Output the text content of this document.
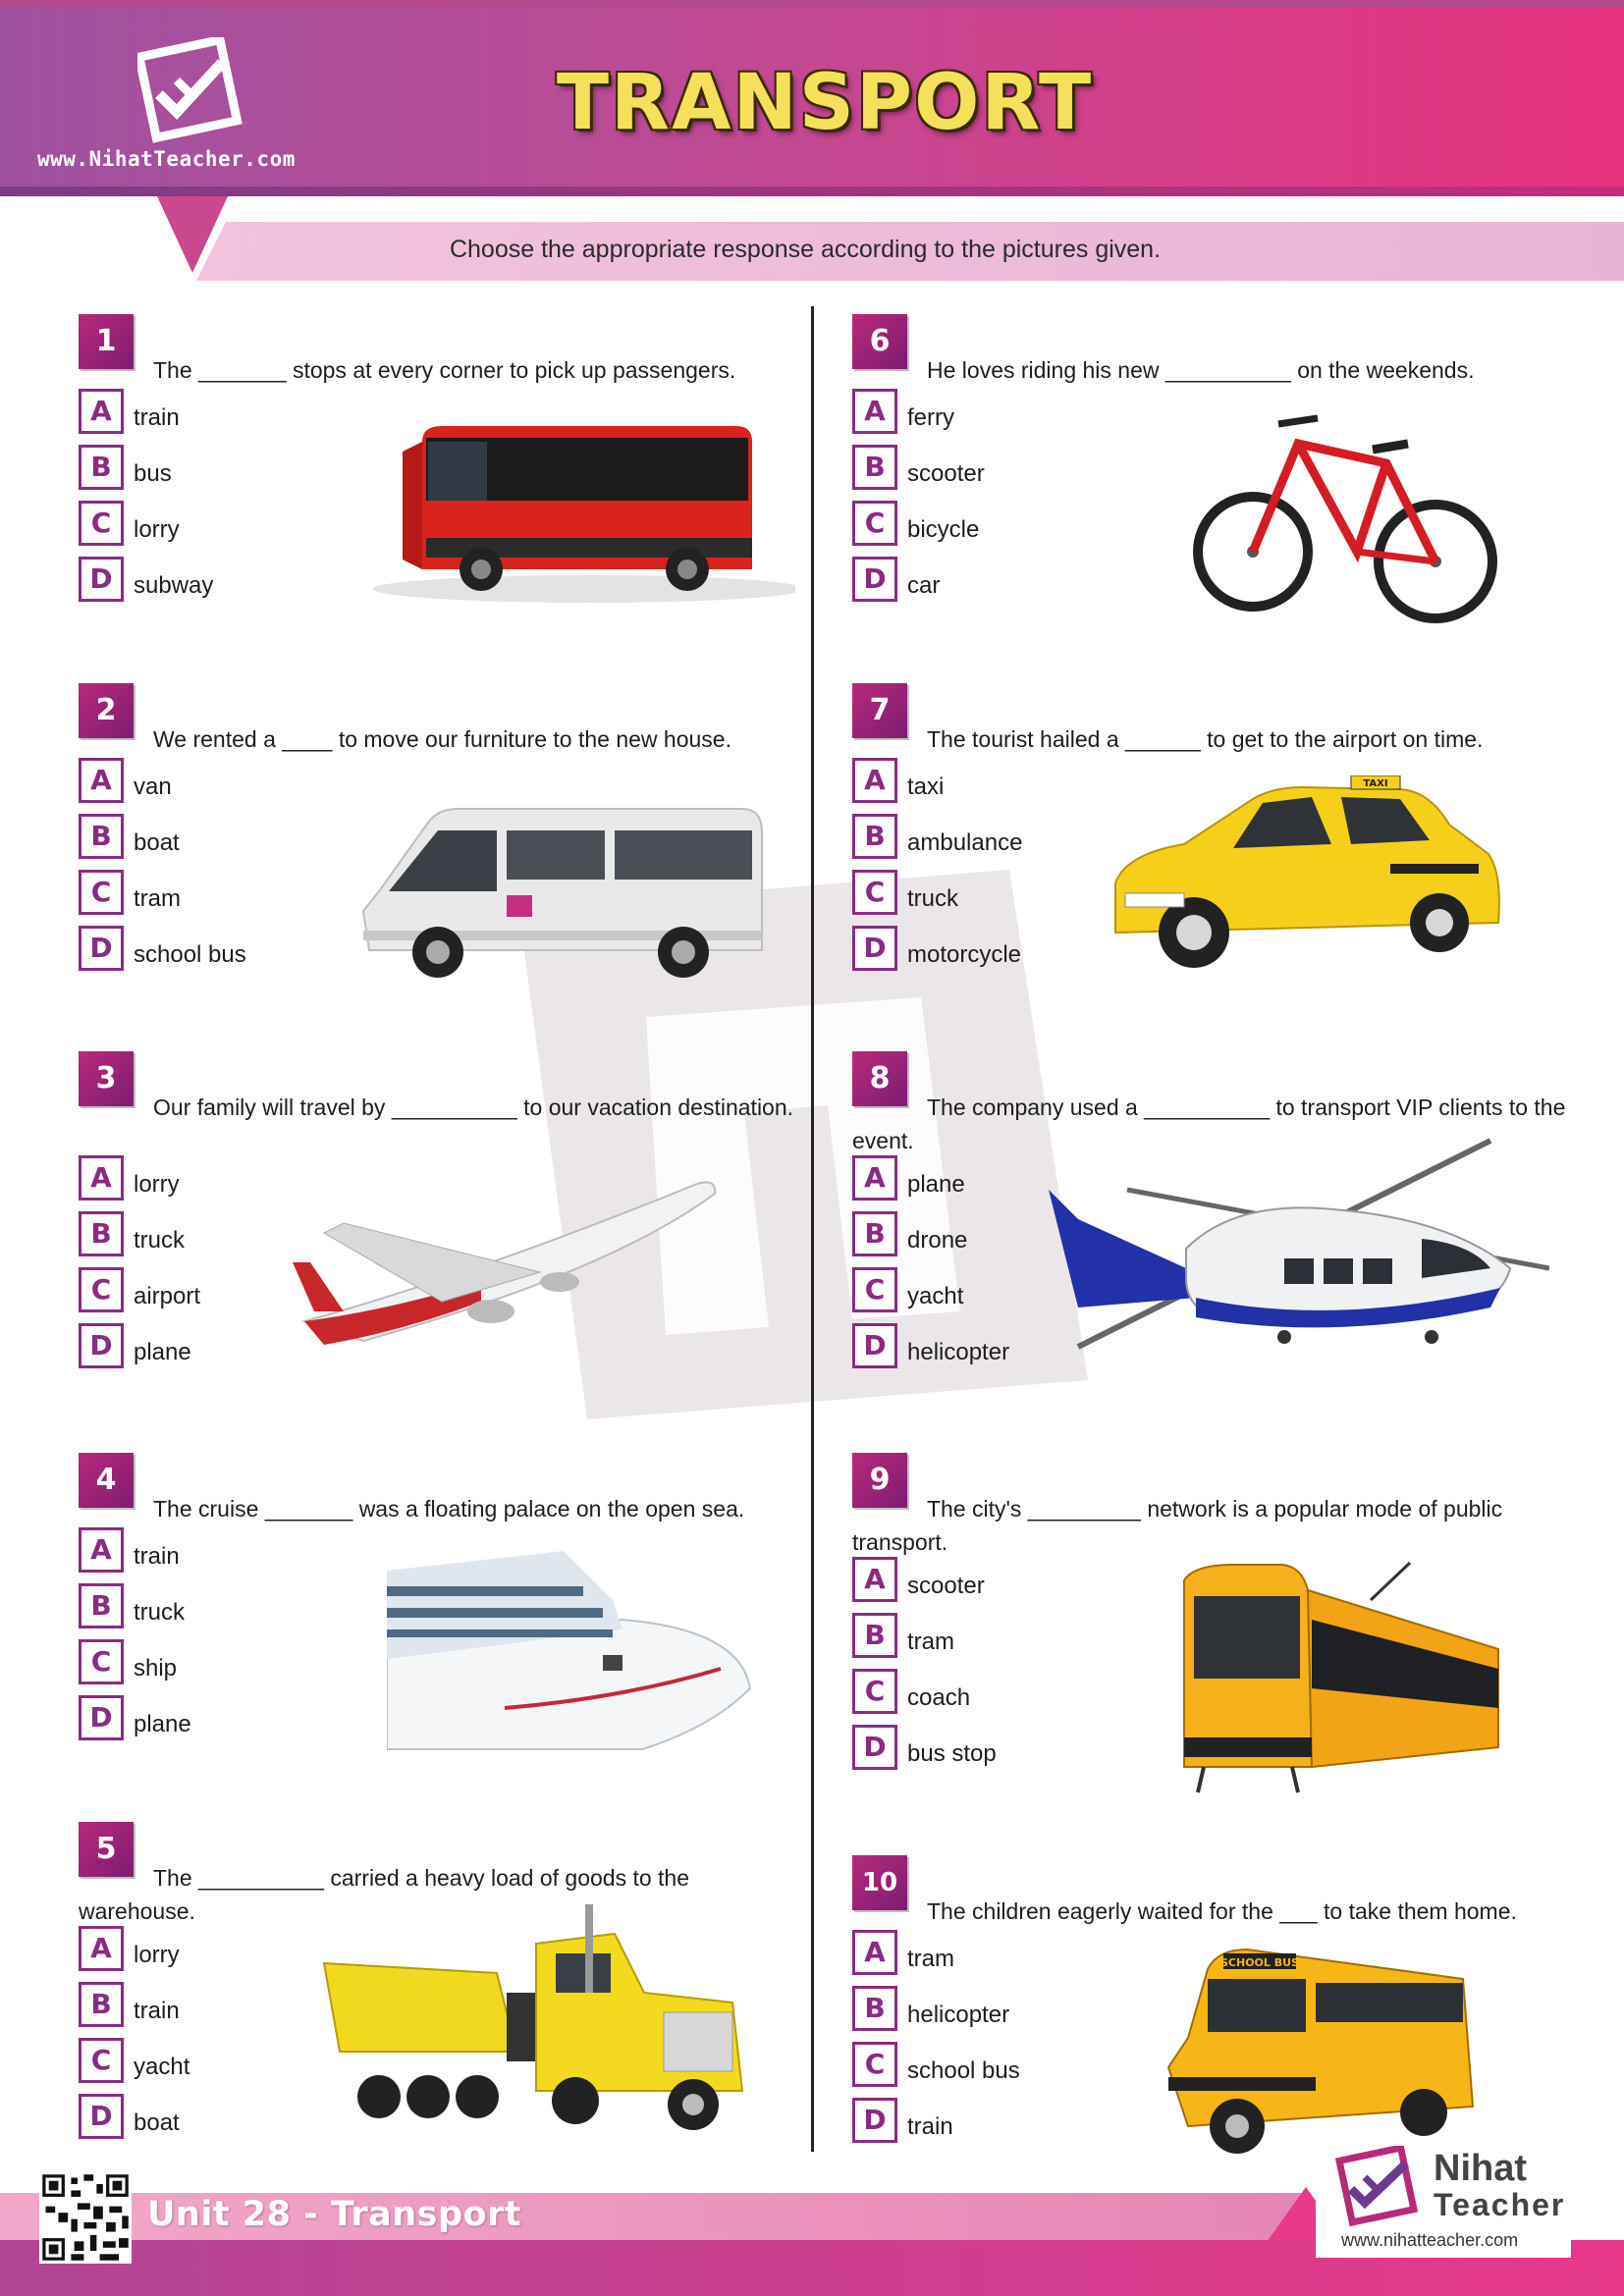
www.NihatTeacher.com
TRANSPORT
Choose the appropriate response according to the pictures given.
1
The _______ stops at every corner to pick up passengers.
A train
B bus
C lorry
D subway
2
We rented a ____ to move our furniture to the new house.
A van
B boat
C tram
D school bus
3
Our family will travel by __________ to our vacation destination.
A lorry
B truck
C airport
D plane
4
The cruise _______ was a floating palace on the open sea.
A train
B truck
C ship
D plane
5
The __________ carried a heavy load of goods to the warehouse.
A lorry
B train
C yacht
D boat
6
He loves riding his new __________ on the weekends.
A ferry
B scooter
C bicycle
D car
7
The tourist hailed a ______ to get to the airport on time.
A taxi
B ambulance
C truck
D motorcycle
TAXI
8
The company used a __________ to transport VIP clients to the event.
A plane
B drone
C yacht
D helicopter
9
The city's _________ network is a popular mode of public transport.
A scooter
B tram
C coach
D bus stop
10
The children eagerly waited for the ___ to take them home.
A tram
B helicopter
C school bus
D train
SCHOOL BUS
Unit 28 - Transport
Nihat
Teacher
www.nihatteacher.com
